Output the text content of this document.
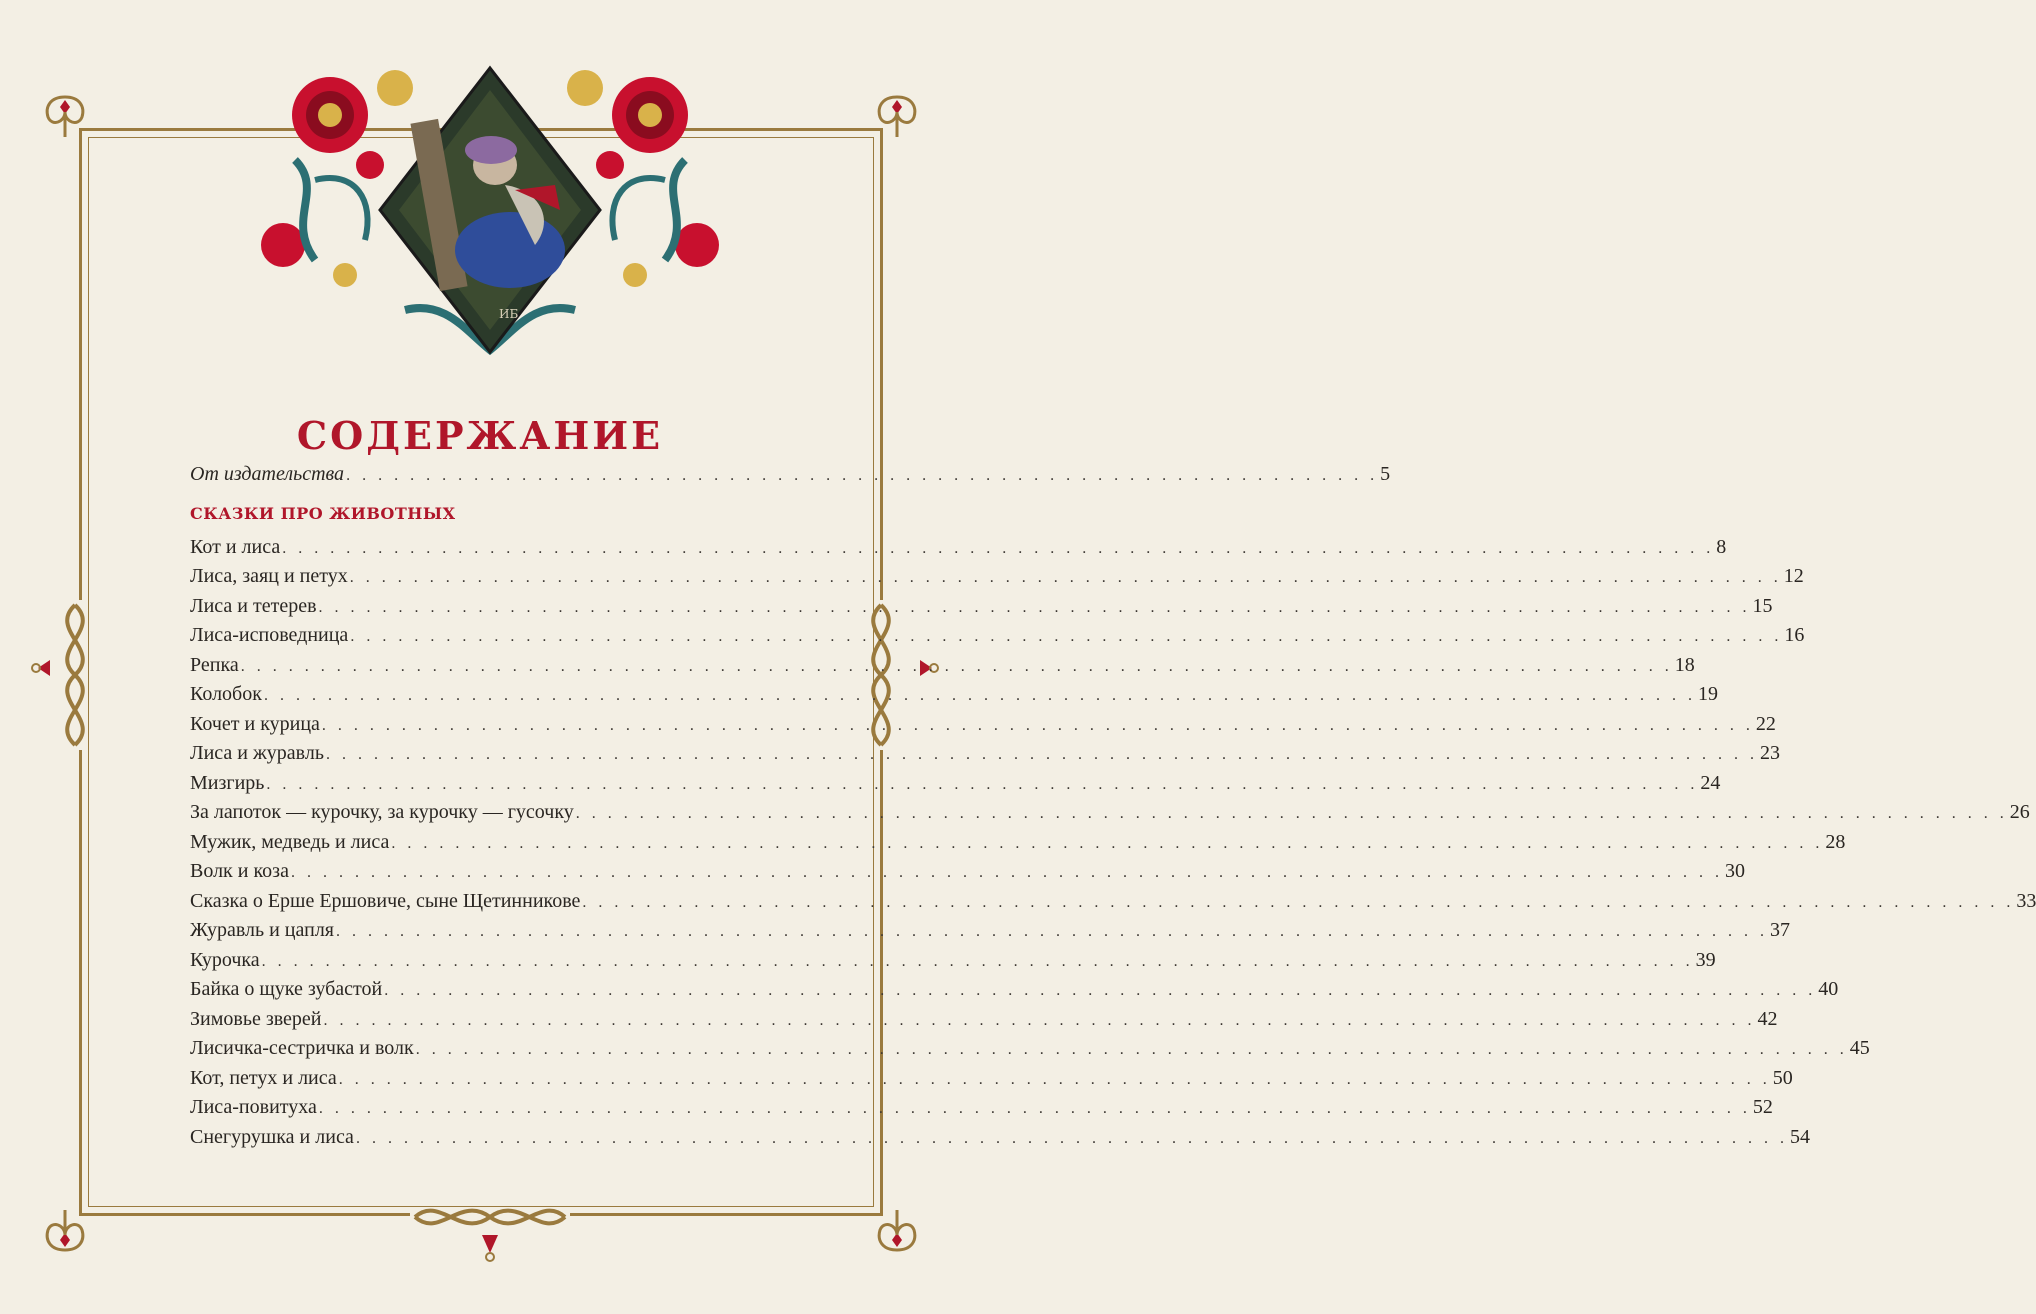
ИБ
СОДЕРЖАНИЕ
От издательства . . . . . . . . . . . . . . . . . . . . . . . . . . . . . . . . . . . . . . . . . . . . . . . . . . . . . . . . . . . . . . . . . 5
СКАЗКИ ПРО ЖИВОТНЫХ
Кот и лиса . . . . . . . . . . . . . . . . . . . . . . . . . . . . . . . . . . . . . . . . . . . . . . . . . . . . . . . . . . . . . . . . . . . . . . . . . . . . . . . . . . . . . . . . . . 8
Лиса, заяц и петух . . . . . . . . . . . . . . . . . . . . . . . . . . . . . . . . . . . . . . . . . . . . . . . . . . . . . . . . . . . . . . . . . . . . . . . . . . . . . . . . . . . . . . . . . . 12
Лиса и тетерев . . . . . . . . . . . . . . . . . . . . . . . . . . . . . . . . . . . . . . . . . . . . . . . . . . . . . . . . . . . . . . . . . . . . . . . . . . . . . . . . . . . . . . . . . . 15
Лиса-исповедница . . . . . . . . . . . . . . . . . . . . . . . . . . . . . . . . . . . . . . . . . . . . . . . . . . . . . . . . . . . . . . . . . . . . . . . . . . . . . . . . . . . . . . . . . . 16
Репка . . . . . . . . . . . . . . . . . . . . . . . . . . . . . . . . . . . . . . . . . . . . . . . . . . . . . . . . . . . . . . . . . . . . . . . . . . . . . . . . . . . . . . . . . . 18
Колобок . . . . . . . . . . . . . . . . . . . . . . . . . . . . . . . . . . . . . . . . . . . . . . . . . . . . . . . . . . . . . . . . . . . . . . . . . . . . . . . . . . . . . . . . . . 19
Кочет и курица . . . . . . . . . . . . . . . . . . . . . . . . . . . . . . . . . . . . . . . . . . . . . . . . . . . . . . . . . . . . . . . . . . . . . . . . . . . . . . . . . . . . . . . . . . 22
Лиса и журавль . . . . . . . . . . . . . . . . . . . . . . . . . . . . . . . . . . . . . . . . . . . . . . . . . . . . . . . . . . . . . . . . . . . . . . . . . . . . . . . . . . . . . . . . . . 23
Мизгирь . . . . . . . . . . . . . . . . . . . . . . . . . . . . . . . . . . . . . . . . . . . . . . . . . . . . . . . . . . . . . . . . . . . . . . . . . . . . . . . . . . . . . . . . . . 24
За лапоток — курочку, за курочку — гусочку . . . . . . . . . . . . . . . . . . . . . . . . . . . . . . . . . . . . . . . . . . . . . . . . . . . . . . . . . . . . . . . . . . . . . . . . . . . . . . . . . . . . . . . . . . 26
Мужик, медведь и лиса . . . . . . . . . . . . . . . . . . . . . . . . . . . . . . . . . . . . . . . . . . . . . . . . . . . . . . . . . . . . . . . . . . . . . . . . . . . . . . . . . . . . . . . . . . 28
Волк и коза . . . . . . . . . . . . . . . . . . . . . . . . . . . . . . . . . . . . . . . . . . . . . . . . . . . . . . . . . . . . . . . . . . . . . . . . . . . . . . . . . . . . . . . . . . 30
Сказка о Ерше Ершовиче, сыне Щетинникове . . . . . . . . . . . . . . . . . . . . . . . . . . . . . . . . . . . . . . . . . . . . . . . . . . . . . . . . . . . . . . . . . . . . . . . . . . . . . . . . . . . . . . . . . . 33
Журавль и цапля . . . . . . . . . . . . . . . . . . . . . . . . . . . . . . . . . . . . . . . . . . . . . . . . . . . . . . . . . . . . . . . . . . . . . . . . . . . . . . . . . . . . . . . . . . 37
Курочка . . . . . . . . . . . . . . . . . . . . . . . . . . . . . . . . . . . . . . . . . . . . . . . . . . . . . . . . . . . . . . . . . . . . . . . . . . . . . . . . . . . . . . . . . . 39
Байка о щуке зубастой . . . . . . . . . . . . . . . . . . . . . . . . . . . . . . . . . . . . . . . . . . . . . . . . . . . . . . . . . . . . . . . . . . . . . . . . . . . . . . . . . . . . . . . . . . 40
Зимовье зверей . . . . . . . . . . . . . . . . . . . . . . . . . . . . . . . . . . . . . . . . . . . . . . . . . . . . . . . . . . . . . . . . . . . . . . . . . . . . . . . . . . . . . . . . . . 42
Лисичка-сестричка и волк . . . . . . . . . . . . . . . . . . . . . . . . . . . . . . . . . . . . . . . . . . . . . . . . . . . . . . . . . . . . . . . . . . . . . . . . . . . . . . . . . . . . . . . . . . 45
Кот, петух и лиса . . . . . . . . . . . . . . . . . . . . . . . . . . . . . . . . . . . . . . . . . . . . . . . . . . . . . . . . . . . . . . . . . . . . . . . . . . . . . . . . . . . . . . . . . . 50
Лиса-повитуха . . . . . . . . . . . . . . . . . . . . . . . . . . . . . . . . . . . . . . . . . . . . . . . . . . . . . . . . . . . . . . . . . . . . . . . . . . . . . . . . . . . . . . . . . . 52
Снегурушка и лиса . . . . . . . . . . . . . . . . . . . . . . . . . . . . . . . . . . . . . . . . . . . . . . . . . . . . . . . . . . . . . . . . . . . . . . . . . . . . . . . . . . . . . . . . . . 54
